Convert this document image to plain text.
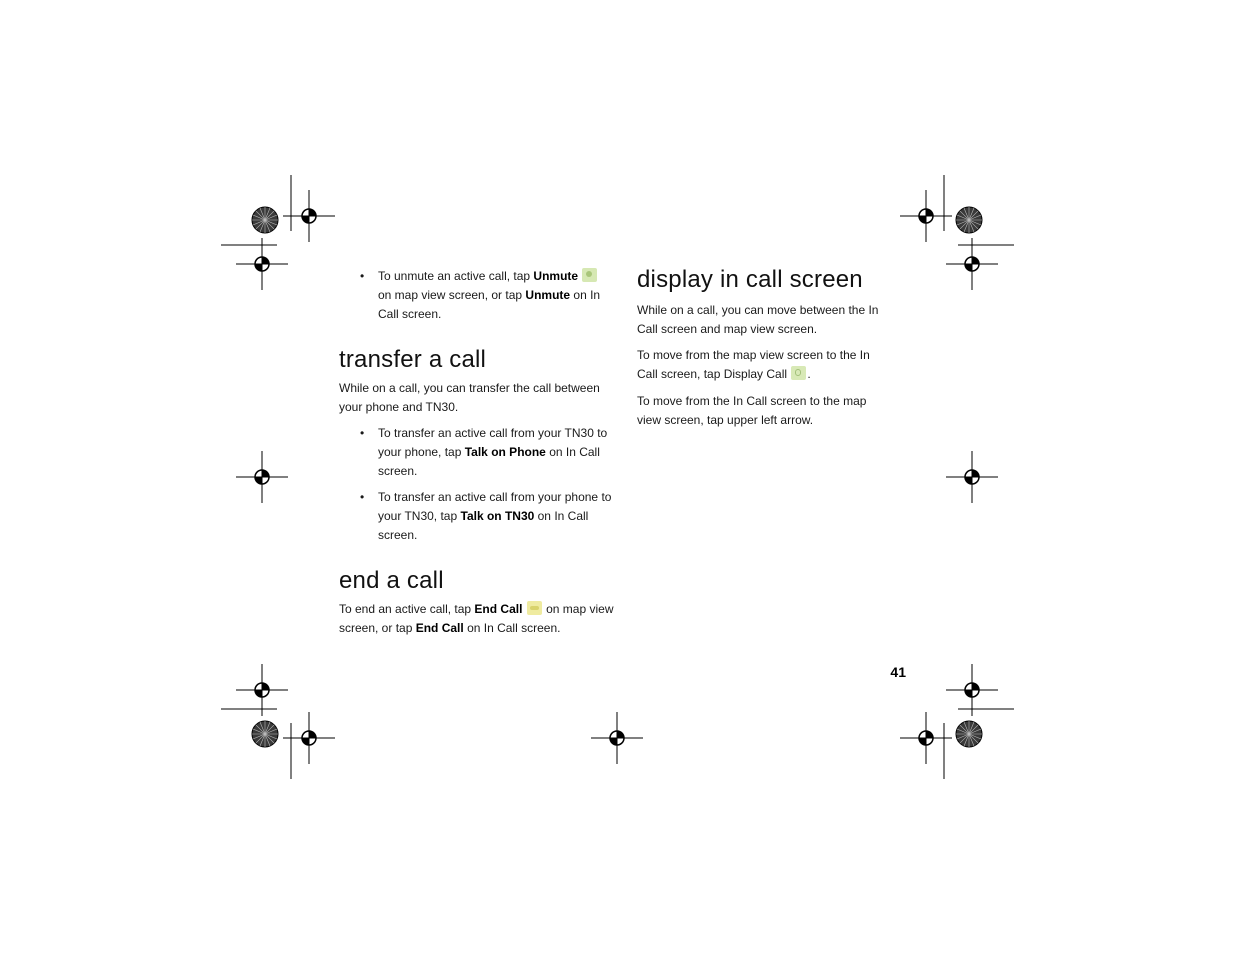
• To unmute an active call, tap Unmute  on map view screen, or tap Unmute on In Call screen.
transfer a call

While on a call, you can transfer the call between your phone and TN30.

• To transfer an active call from your TN30 to your phone, tap Talk on Phone on In Call screen.
• To transfer an active call from your phone to your TN30, tap Talk on TN30 on In Call screen.
end a call

To end an active call, tap End Call  on map view screen, or tap End Call on In Call screen.

display in call screen

While on a call, you can move between the In Call screen and map view screen.

To move from the map view screen to the In Call screen, tap Display Call .

To move from the In Call screen to the map view screen, tap upper left arrow.

41
